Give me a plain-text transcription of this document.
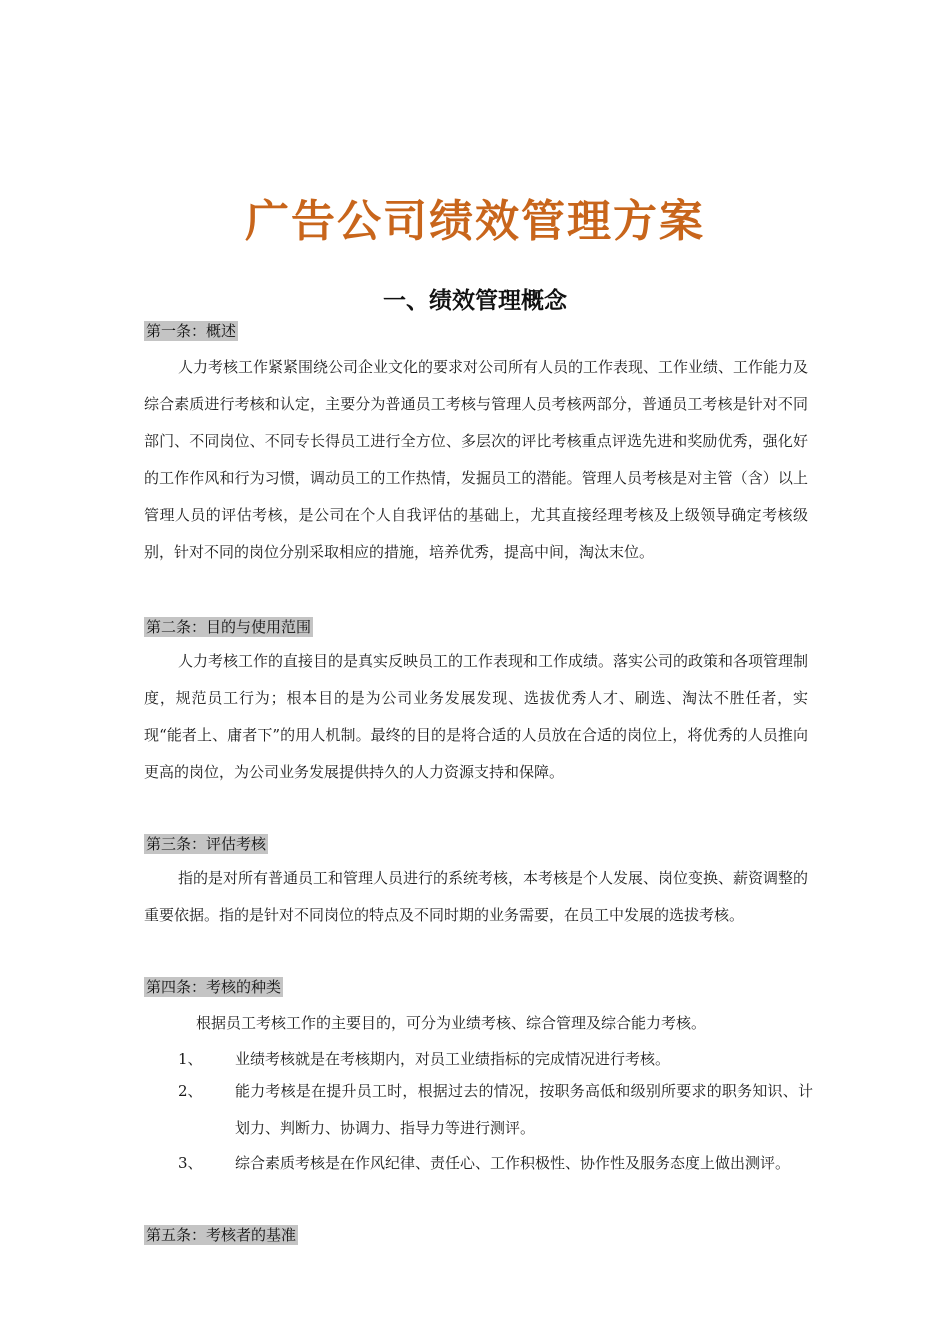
广告公司绩效管理方案
一、绩效管理概念
第一条：概述

人力考核工作紧紧围绕公司企业文化的要求对公司所有人员的工作表现、工作业绩、工作能力及综合素质进行考核和认定，主要分为普通员工考核与管理人员考核两部分，普通员工考核是针对不同部门、不同岗位、不同专长得员工进行全方位、多层次的评比考核重点评选先进和奖励优秀，强化好的工作作风和行为习惯，调动员工的工作热情，发掘员工的潜能。管理人员考核是对主管（含）以上管理人员的评估考核，是公司在个人自我评估的基础上，尤其直接经理考核及上级领导确定考核级别，针对不同的岗位分别采取相应的措施，培养优秀，提高中间，淘汰末位。

第二条：目的与使用范围

人力考核工作的直接目的是真实反映员工的工作表现和工作成绩。落实公司的政策和各项管理制度，规范员工行为；根本目的是为公司业务发展发现、选拔优秀人才、刷选、淘汰不胜任者，实现“能者上、庸者下”的用人机制。最终的目的是将合适的人员放在合适的岗位上，将优秀的人员推向更高的岗位，为公司业务发展提供持久的人力资源支持和保障。

第三条：评估考核

指的是对所有普通员工和管理人员进行的系统考核，本考核是个人发展、岗位变换、薪资调整的重要依据。指的是针对不同岗位的特点及不同时期的业务需要，在员工中发展的选拔考核。

第四条：考核的种类

根据员工考核工作的主要目的，可分为业绩考核、综合管理及综合能力考核。

1、 业绩考核就是在考核期内，对员工业绩指标的完成情况进行考核。
2、 能力考核是在提升员工时，根据过去的情况，按职务高低和级别所要求的职务知识、计划力、判断力、协调力、指导力等进行测评。
3、 综合素质考核是在作风纪律、责任心、工作积极性、协作性及服务态度上做出测评。
第五条：考核者的基准
